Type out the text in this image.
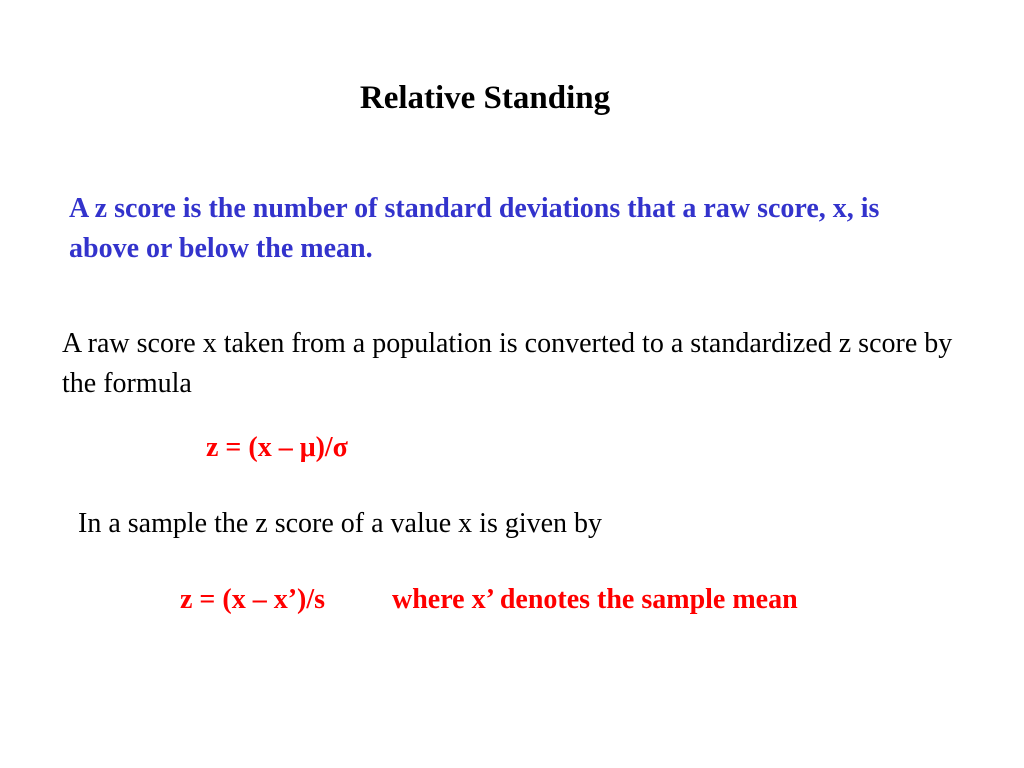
Relative Standing
A z score is the number of standard deviations that a raw score, x, is above or below the mean.
A raw score x taken from a population is converted to a standardized z score by the formula
z = (x – μ)/σ
In a sample the z score of a value x is given by
z = (x – x’)/s where x’ denotes the sample mean
